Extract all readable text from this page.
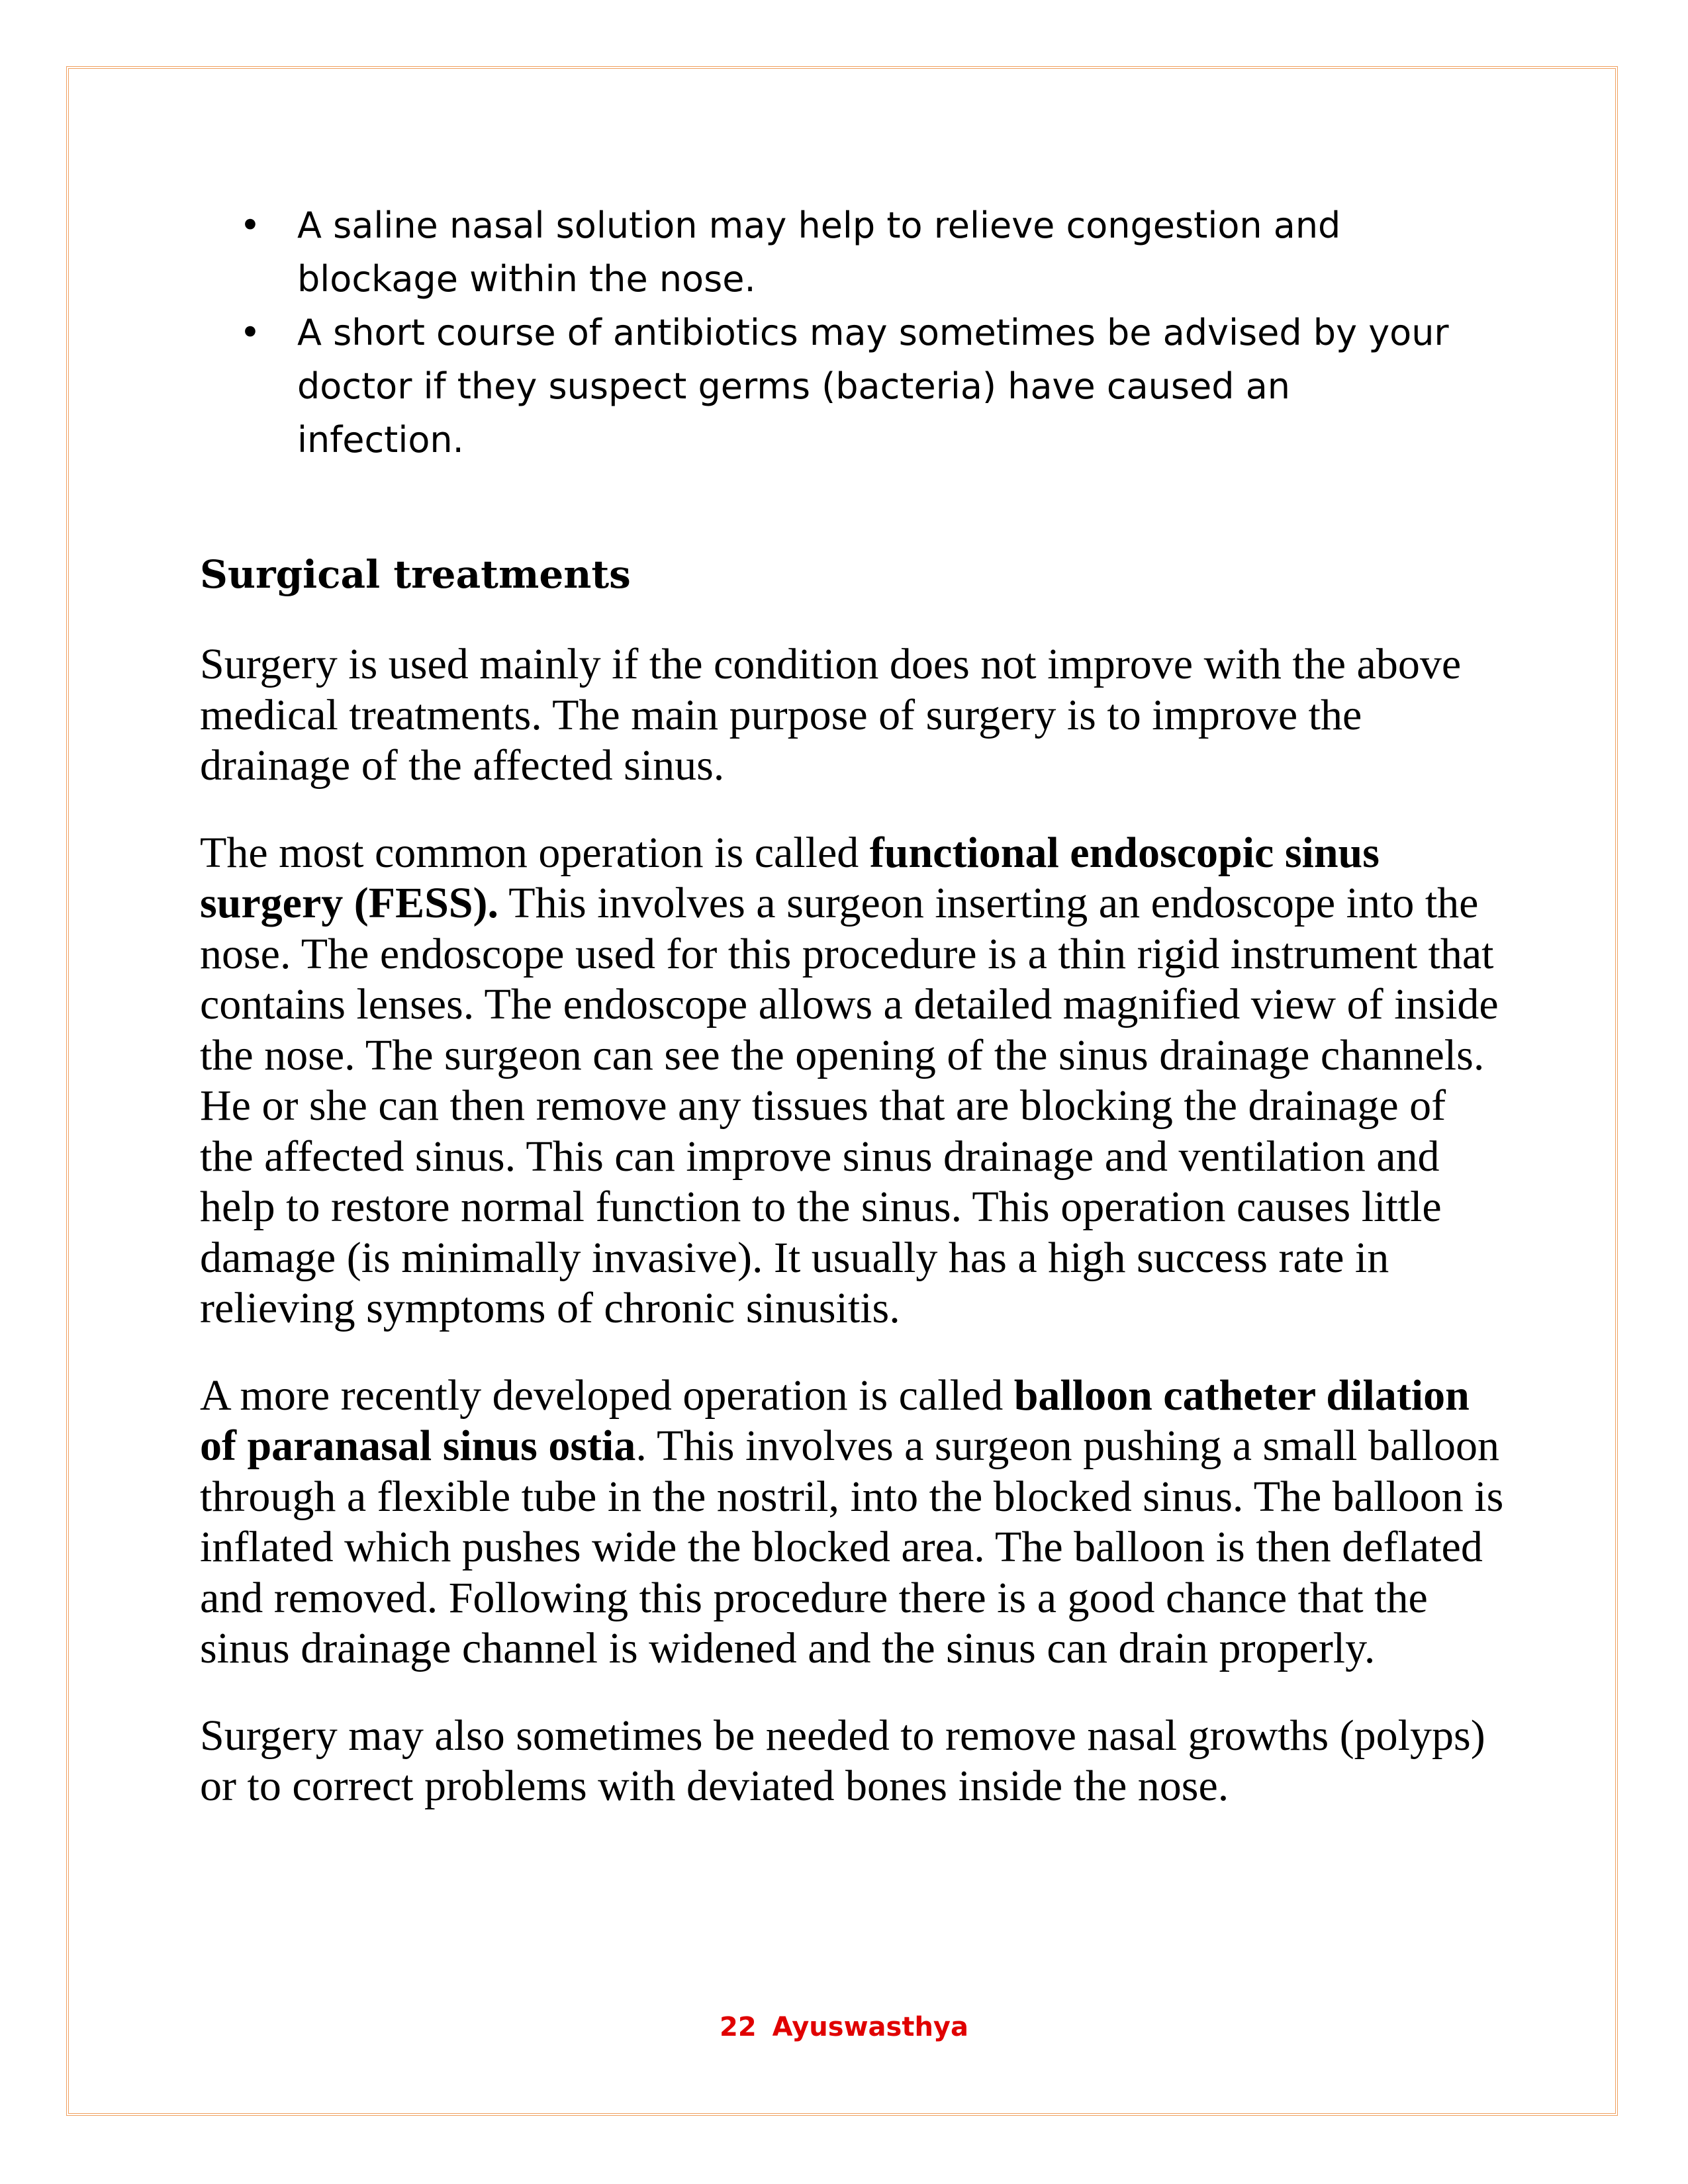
• A saline nasal solution may help to relieve congestion and blockage within the nose.
• A short course of antibiotics may sometimes be advised by your doctor if they suspect germs (bacteria) have caused an infection.
Surgical treatments

Surgery is used mainly if the condition does not improve with the above medical treatments. The main purpose of surgery is to improve the drainage of the affected sinus.

The most common operation is called functional endoscopic sinus surgery (FESS). This involves a surgeon inserting an endoscope into the nose. The endoscope used for this procedure is a thin rigid instrument that contains lenses. The endoscope allows a detailed magnified view of inside the nose. The surgeon can see the opening of the sinus drainage channels. He or she can then remove any tissues that are blocking the drainage of the affected sinus. This can improve sinus drainage and ventilation and help to restore normal function to the sinus. This operation causes little damage (is minimally invasive). It usually has a high success rate in relieving symptoms of chronic sinusitis.

A more recently developed operation is called balloon catheter dilation of paranasal sinus ostia. This involves a surgeon pushing a small balloon through a flexible tube in the nostril, into the blocked sinus. The balloon is inflated which pushes wide the blocked area. The balloon is then deflated and removed. Following this procedure there is a good chance that the sinus drainage channel is widened and the sinus can drain properly.

Surgery may also sometimes be needed to remove nasal growths (polyps) or to correct problems with deviated bones inside the nose.

22 Ayuswasthya
